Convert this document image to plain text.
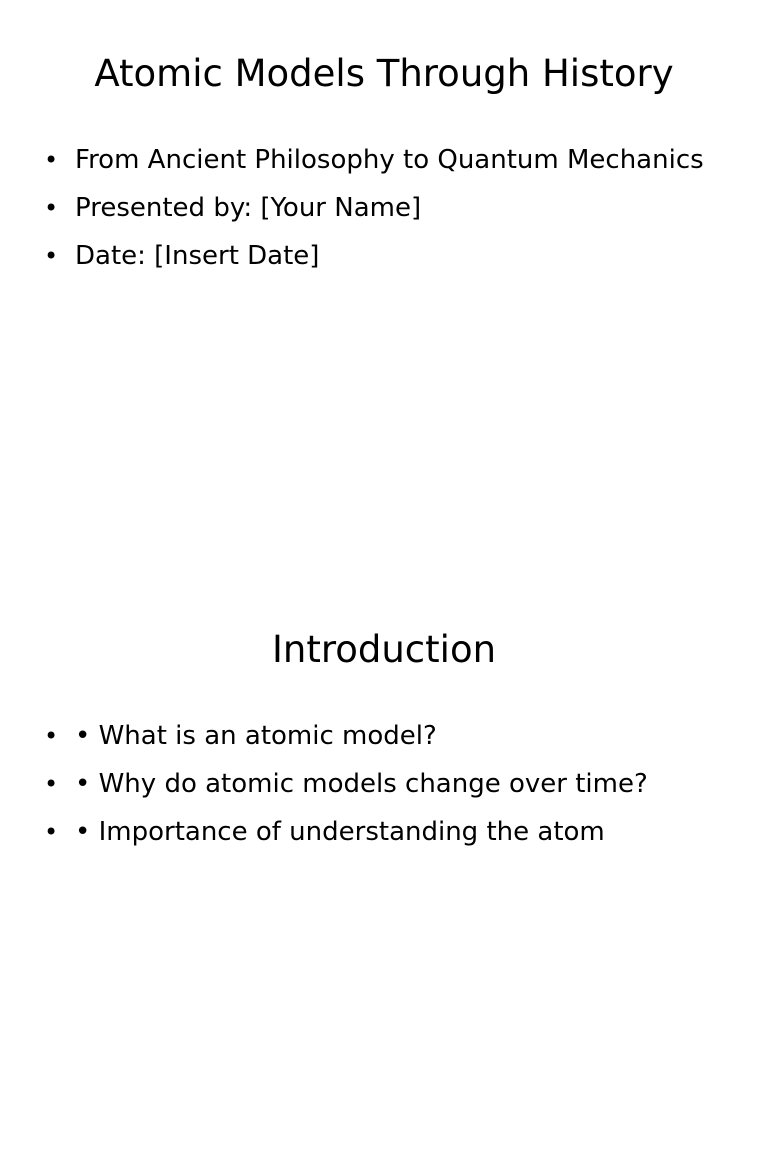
Atomic Models Through History
• From Ancient Philosophy to Quantum Mechanics
• Presented by: [Your Name]
• Date: [Insert Date]
Introduction
• • What is an atomic model?
• • Why do atomic models change over time?
• • Importance of understanding the atom
